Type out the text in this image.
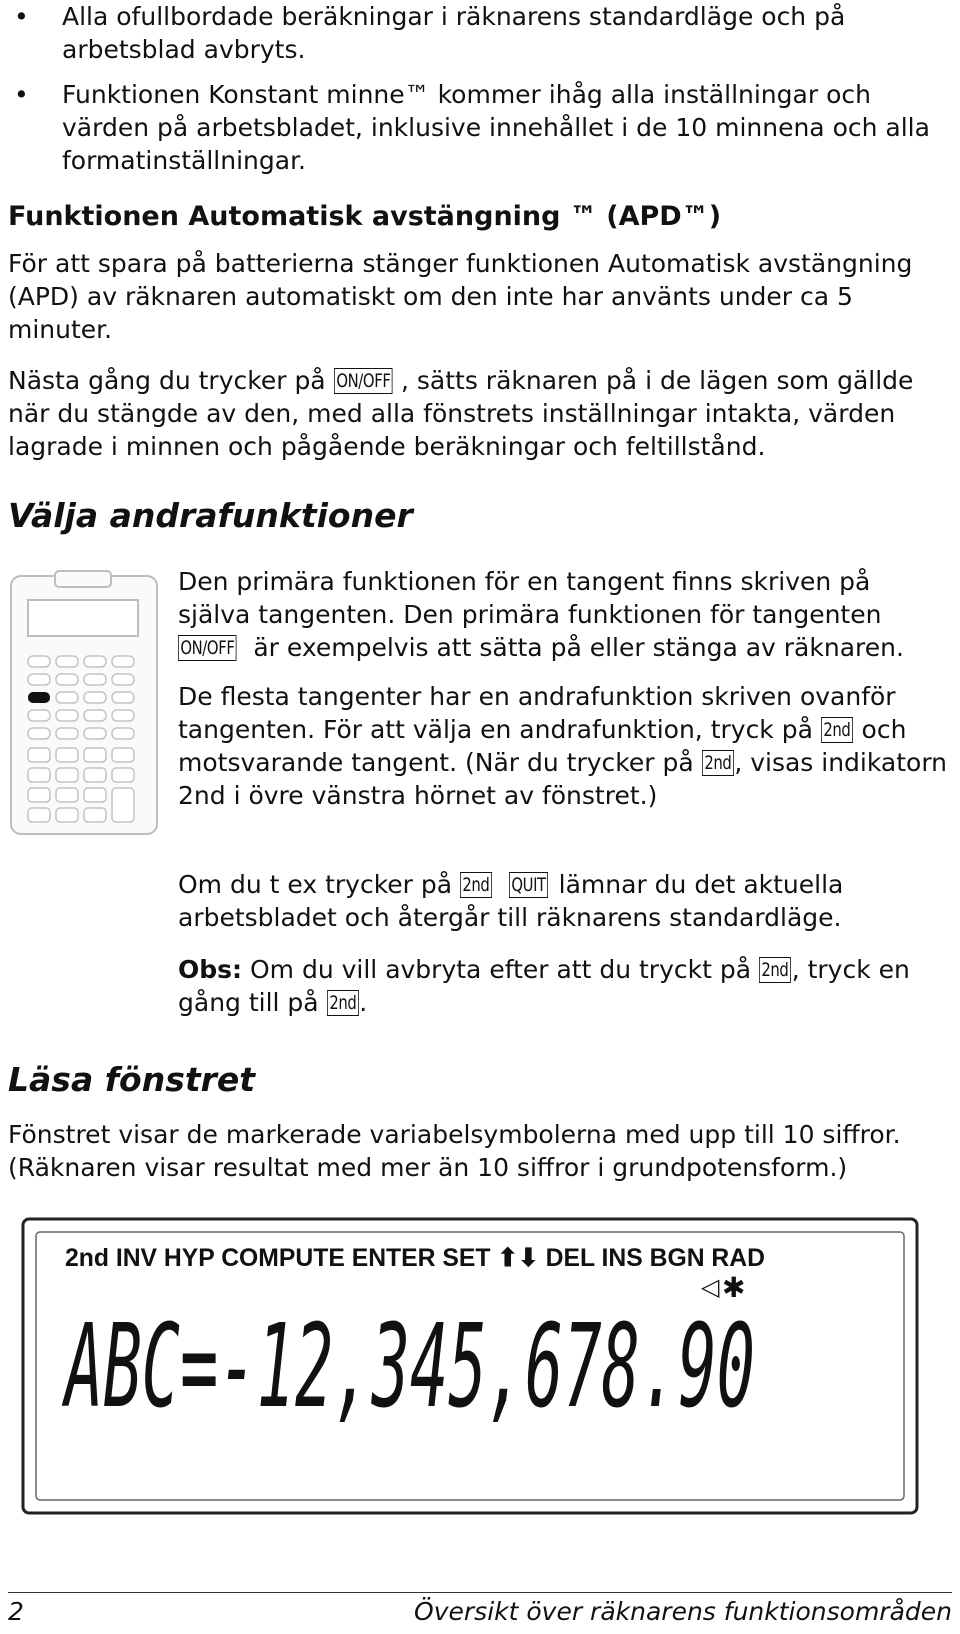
• Alla ofullbordade beräkningar i räknarens standardläge och på arbetsblad avbryts.
• Funktionen Konstant minne™ kommer ihåg alla inställningar och värden på arbetsbladet, inklusive innehållet i de 10 minnena och alla formatinställningar.
Funktionen Automatisk avstängning ™ (APD™)
För att spara på batterierna stänger funktionen Automatisk avstängning (APD) av räknaren automatiskt om den inte har använts under ca 5 minuter.
Nästa gång du trycker på ON/OFF , sätts räknaren på i de lägen som gällde när du stängde av den, med alla fönstrets inställningar intakta, värden lagrade i minnen och pågående beräkningar och feltillstånd.
Välja andrafunktioner
Den primära funktionen för en tangent finns skriven på själva tangenten. Den primära funktionen för tangenten ON/OFF är exempelvis att sätta på eller stänga av räknaren.
De flesta tangenter har en andrafunktion skriven ovanför tangenten. För att välja en andrafunktion, tryck på 2nd och motsvarande tangent. (När du trycker på 2nd , visas indikatorn 2nd i övre vänstra hörnet av fönstret.)
Om du t ex trycker på 2nd QUIT lämnar du det aktuella arbetsbladet och återgår till räknarens standardläge.
Obs: Om du vill avbryta efter att du tryckt på 2nd , tryck en gång till på 2nd .
Läsa fönstret
Fönstret visar de markerade variabelsymbolerna med upp till 10 siffror. (Räknaren visar resultat med mer än 10 siffror i grundpotensform.)
2nd INV HYP COMPUTE ENTER SET ⬆⬇ DEL INS BGN RAD
◁ ✱
ABC=-12,345,678.90
2	Översikt över räknarens funktionsområden
